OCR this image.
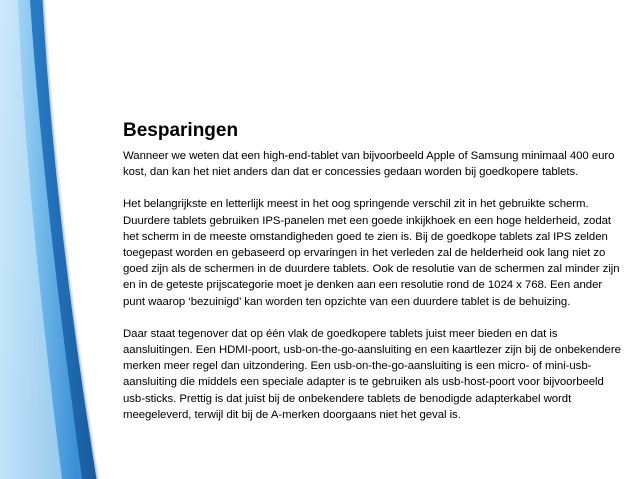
Besparingen

Wanneer we weten dat een high-end-tablet van bijvoorbeeld Apple of Samsung minimaal 400 euro kost, dan kan het niet anders dan dat er concessies gedaan worden bij goedkopere tablets.

Het belangrijkste en letterlijk meest in het oog springende verschil zit in het gebruikte scherm. Duurdere tablets gebruiken IPS-panelen met een goede inkijkhoek en een hoge helderheid, zodat het scherm in de meeste omstandigheden goed te zien is. Bij de goedkope tablets zal IPS zelden toegepast worden en gebaseerd op ervaringen in het verleden zal de helderheid ook lang niet zo goed zijn als de schermen in de duurdere tablets. Ook de resolutie van de schermen zal minder zijn en in de geteste prijscategorie moet je denken aan een resolutie rond de 1024 x 768. Een ander punt waarop ‘bezuinigd’ kan worden ten opzichte van een duurdere tablet is de behuizing.

Daar staat tegenover dat op één vlak de goedkopere tablets juist meer bieden en dat is aansluitingen. Een HDMI-poort, usb-on-the-go-aansluiting en een kaartlezer zijn bij de onbekendere merken meer regel dan uitzondering. Een usb-on-the-go-aansluiting is een micro- of mini-usb-aansluiting die middels een speciale adapter is te gebruiken als usb-host-poort voor bijvoorbeeld usb-sticks. Prettig is dat juist bij de onbekendere tablets de benodigde adapterkabel wordt meegeleverd, terwijl dit bij de A-merken doorgaans niet het geval is.
